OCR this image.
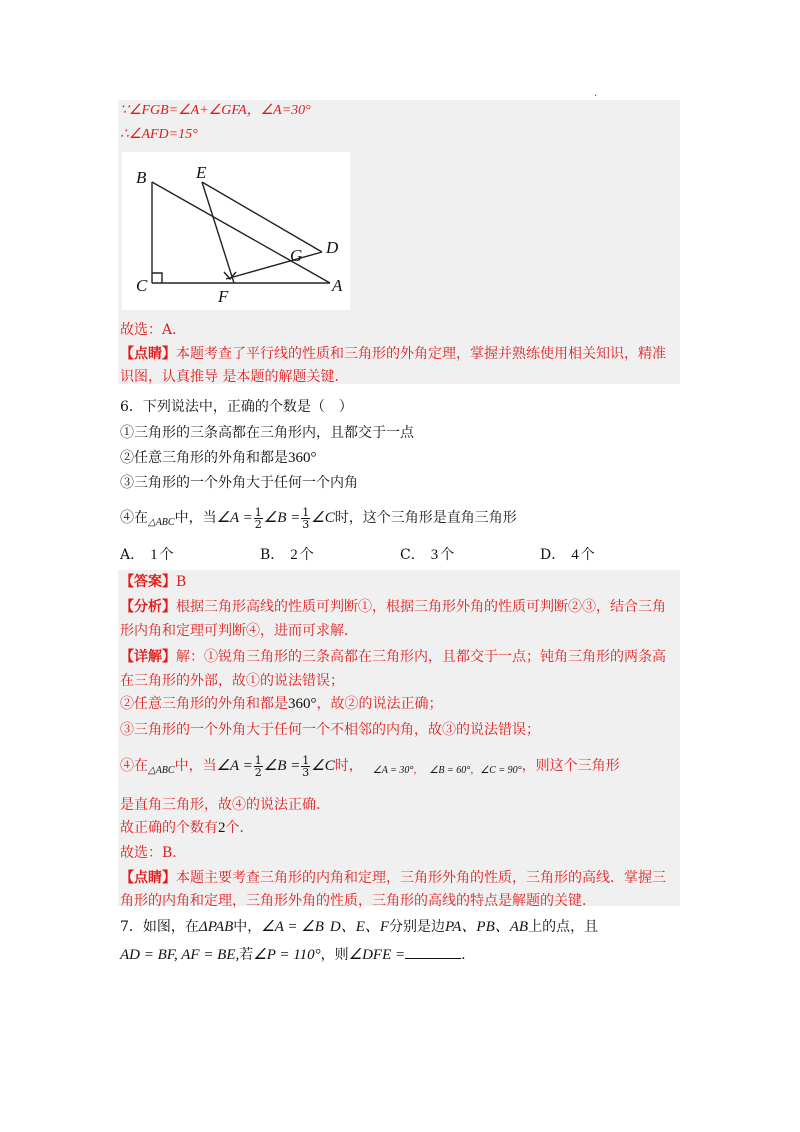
.
∵∠FGB=∠A+∠GFA，∠A=30°
∴∠AFD=15°
B	E
D
G
C
F
A
故选：A．
【点睛】本题考查了平行线的性质和三角形的外角定理，掌握并熟练使用相关知识，精准
识图，认真推导 是本题的解题关键．
6．下列说法中，正确的个数是（　）
①三角形的三条高都在三角形内，且都交于一点
②任意三角形的外角和都是360°
③三角形的一个外角大于任何一个内角
④在$_{\triangle ABC}$中，当∠A = $\frac{1}{2}$ ∠B = $\frac{1}{3}$ ∠C时，这个三角形是直角三角形
A． 1 个	B． 2 个	C． 3 个	D． 4 个
【答案】B
【分析】根据三角形高线的性质可判断①，根据三角形外角的性质可判断②③，结合三角
形内角和定理可判断④，进而可求解．
【详解】解：①锐角三角形的三条高都在三角形内，且都交于一点；钝角三角形的两条高
在三角形的外部，故①的说法错误；
②任意三角形的外角和都是360°，故②的说法正确；
③三角形的一个外角大于任何一个不相邻的内角，故③的说法错误；
④在$_{\triangle ABC}$中，当∠A = $\frac{1}{2}$ ∠B = $\frac{1}{3}$ ∠C时， $_{\angle A = 30^\circ,}$ $_{\angle B = 60^\circ,\angle C = 90^\circ}$，则这个三角形
是直角三角形，故④的说法正确．
故正确的个数有2个．
故选：B．
【点睛】本题主要考查三角形的内角和定理，三角形外角的性质，三角形的高线．掌握三
角形的内角和定理，三角形外角的性质，三角形的高线的特点是解题的关键．
7．如图，在ΔPAB中，∠A = ∠B D、E、F分别是边PA、PB、AB上的点，且
AD = BF, AF = BE,若∠P = 110°，则∠DFE =	.
